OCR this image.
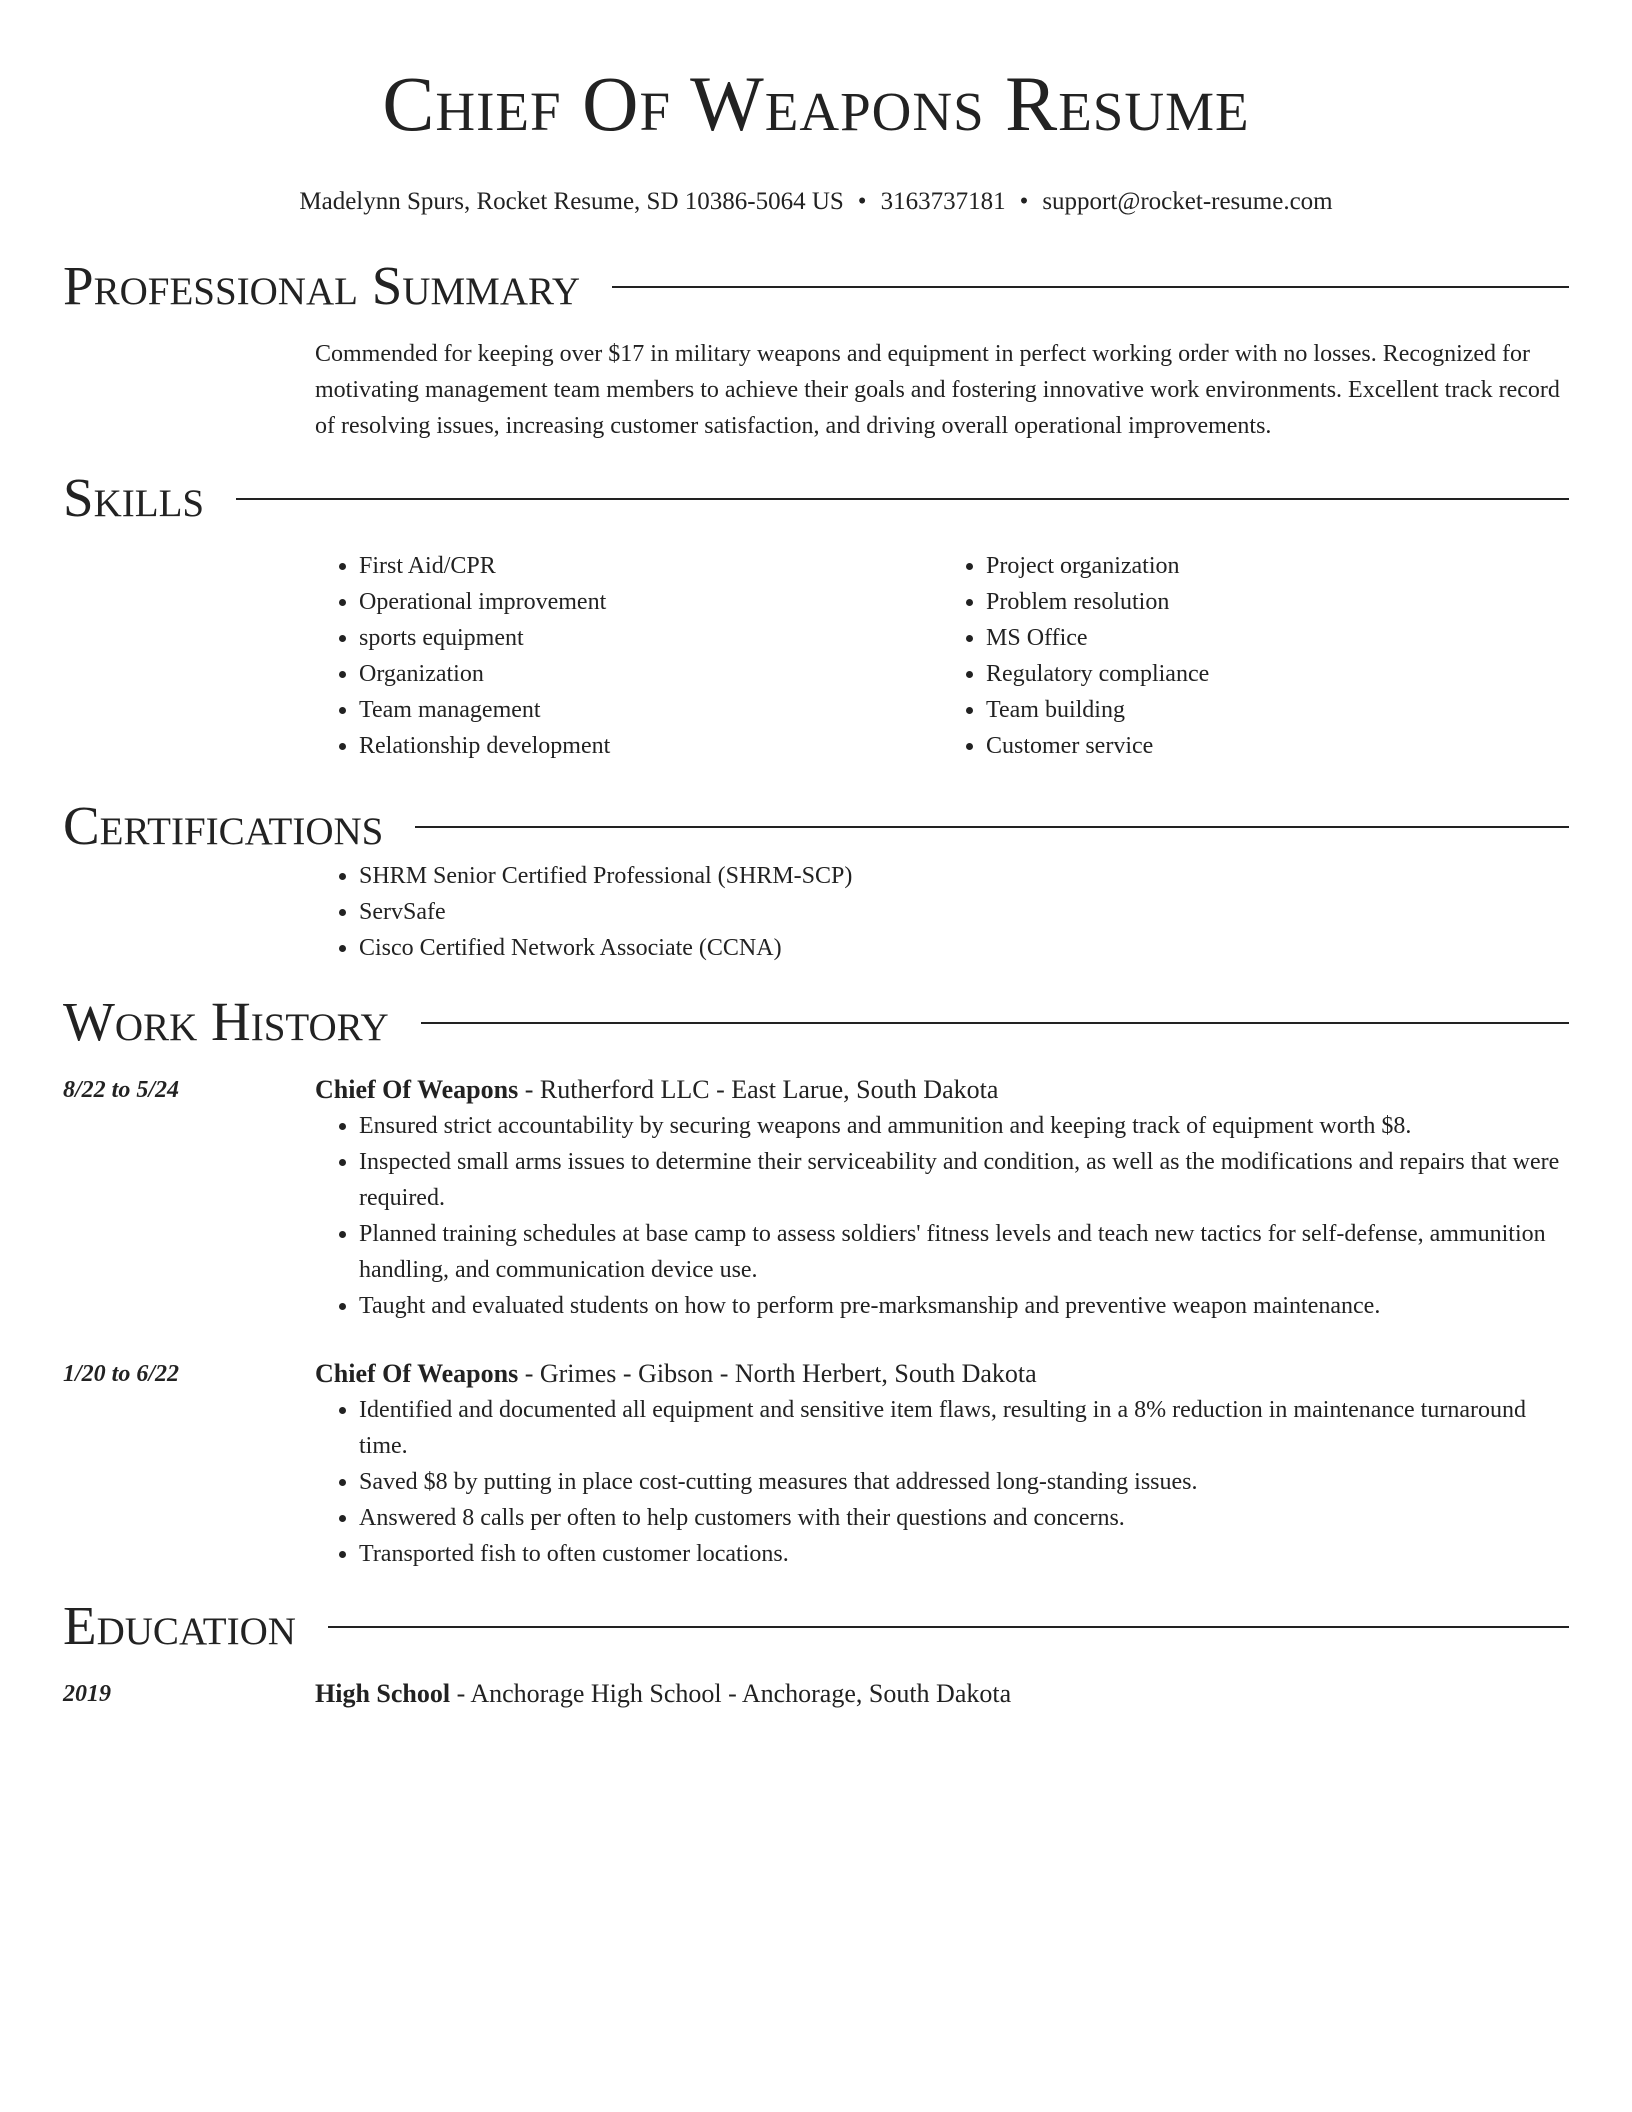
Chief Of Weapons Resume
Madelynn Spurs, Rocket Resume, SD 10386-5064 US • 3163737181 • support@rocket-resume.com
Professional Summary

Commended for keeping over $17 in military weapons and equipment in perfect working order with no losses. Recognized for motivating management team members to achieve their goals and fostering innovative work environments. Excellent track record of resolving issues, increasing customer satisfaction, and driving overall operational improvements.

Skills
• First Aid/CPR
• Operational improvement
• sports equipment
• Organization
• Team management
• Relationship development
• Project organization
• Problem resolution
• MS Office
• Regulatory compliance
• Team building
• Customer service
Certifications
• SHRM Senior Certified Professional (SHRM-SCP)
• ServSafe
• Cisco Certified Network Associate (CCNA)
Work History
8/22 to 5/24	Chief Of Weapons - Rutherford LLC - East Larue, South Dakota
• Ensured strict accountability by securing weapons and ammunition and keeping track of equipment worth $8.
• Inspected small arms issues to determine their serviceability and condition, as well as the modifications and repairs that were required.
• Planned training schedules at base camp to assess soldiers' fitness levels and teach new tactics for self-defense, ammunition handling, and communication device use.
• Taught and evaluated students on how to perform pre-marksmanship and preventive weapon maintenance.
1/20 to 6/22	Chief Of Weapons - Grimes - Gibson - North Herbert, South Dakota
• Identified and documented all equipment and sensitive item flaws, resulting in a 8% reduction in maintenance turnaround time.
• Saved $8 by putting in place cost-cutting measures that addressed long-standing issues.
• Answered 8 calls per often to help customers with their questions and concerns.
• Transported fish to often customer locations.
Education
2019	High School - Anchorage High School - Anchorage, South Dakota
